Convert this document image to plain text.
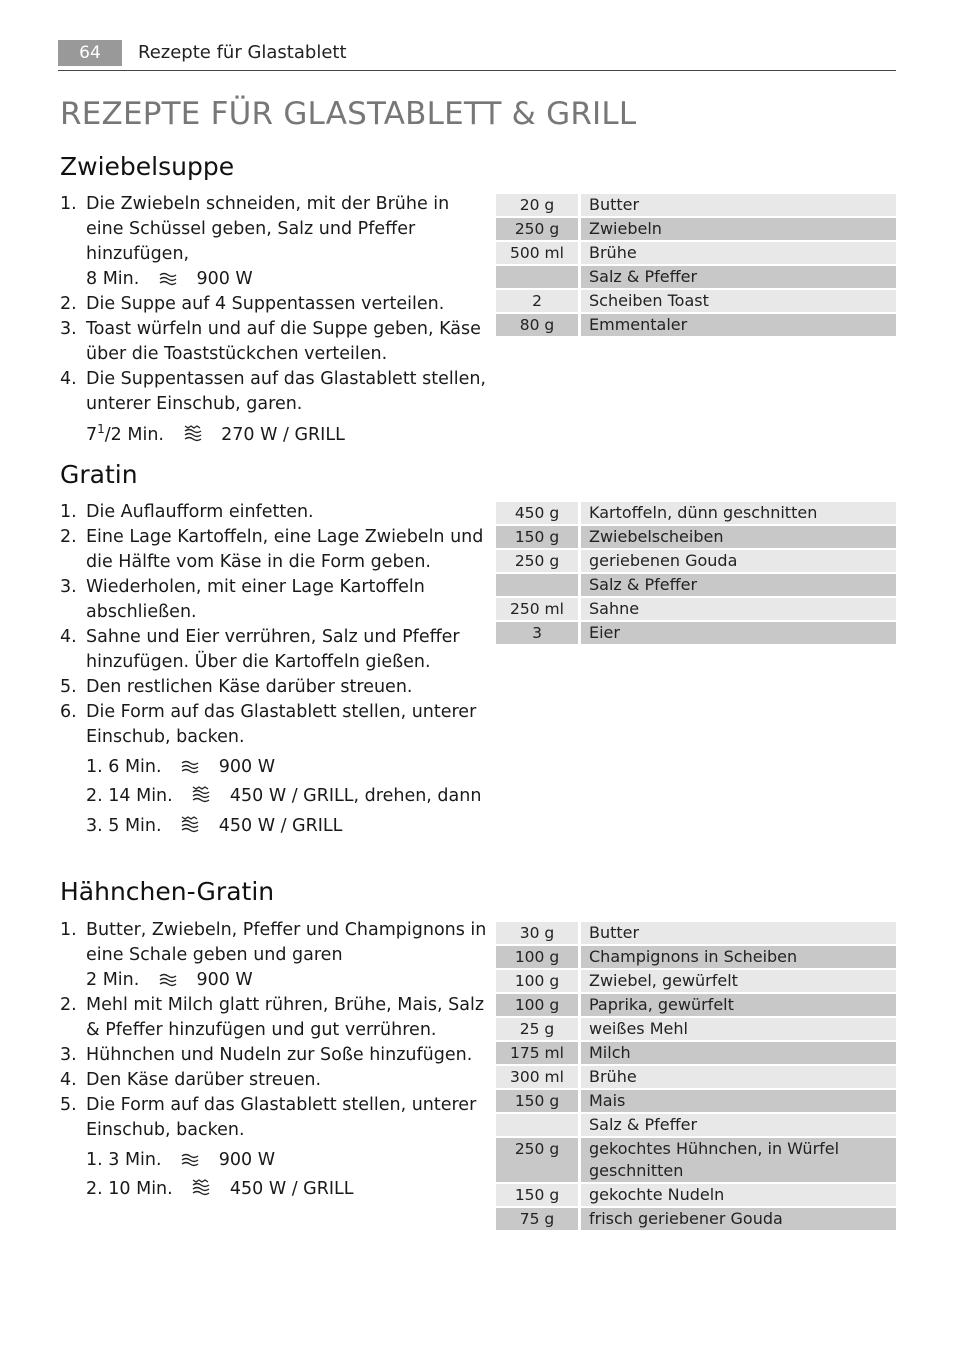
64	Rezepte für Glastablett
REZEPTE FÜR GLASTABLETT & GRILL
Zwiebelsuppe
1. Die Zwiebeln schneiden, mit der Brühe in eine Schüssel geben, Salz und Pfeffer hinzufügen,
8 Min.	900 W
2. Die Suppe auf 4 Suppentassen verteilen.
3. Toast würfeln und auf die Suppe geben, Käse über die Toaststückchen verteilen.
4. Die Suppentassen auf das Glastablett stellen, unterer Einschub, garen.
$7^1/2$ Min.	270 W / GRILL
20 g	Butter
250 g	Zwiebeln
500 ml	Brühe
	Salz & Pfeffer
2	Scheiben Toast
80 g	Emmentaler
Gratin
1. Die Auflaufform einfetten.
2. Eine Lage Kartoffeln, eine Lage Zwiebeln und die Hälfte vom Käse in die Form geben.
3. Wiederholen, mit einer Lage Kartoffeln abschließen.
4. Sahne und Eier verrühren, Salz und Pfeffer hinzufügen. Über die Kartoffeln gießen.
5. Den restlichen Käse darüber streuen.
6. Die Form auf das Glastablett stellen, unterer Einschub, backen.
1. 6 Min.	900 W
2. 14 Min.	450 W / GRILL, drehen, dann
3. 5 Min.	450 W / GRILL
450 g	Kartoffeln, dünn geschnitten
150 g	Zwiebelscheiben
250 g	geriebenen Gouda
	Salz & Pfeffer
250 ml	Sahne
3	Eier
Hähnchen-Gratin
1. Butter, Zwiebeln, Pfeffer und Champignons in eine Schale geben und garen
2 Min.	900 W
2. Mehl mit Milch glatt rühren, Brühe, Mais, Salz & Pfeffer hinzufügen und gut verrühren.
3. Hühnchen und Nudeln zur Soße hinzufügen.
4. Den Käse darüber streuen.
5. Die Form auf das Glastablett stellen, unterer Einschub, backen.
1. 3 Min.	900 W
2. 10 Min.	450 W / GRILL
30 g	Butter
100 g	Champignons in Scheiben
100 g	Zwiebel, gewürfelt
100 g	Paprika, gewürfelt
25 g	weißes Mehl
175 ml	Milch
300 ml	Brühe
150 g	Mais
	Salz & Pfeffer
250 g	gekochtes Hühnchen, in Würfel geschnitten
150 g	gekochte Nudeln
75 g	frisch geriebener Gouda
